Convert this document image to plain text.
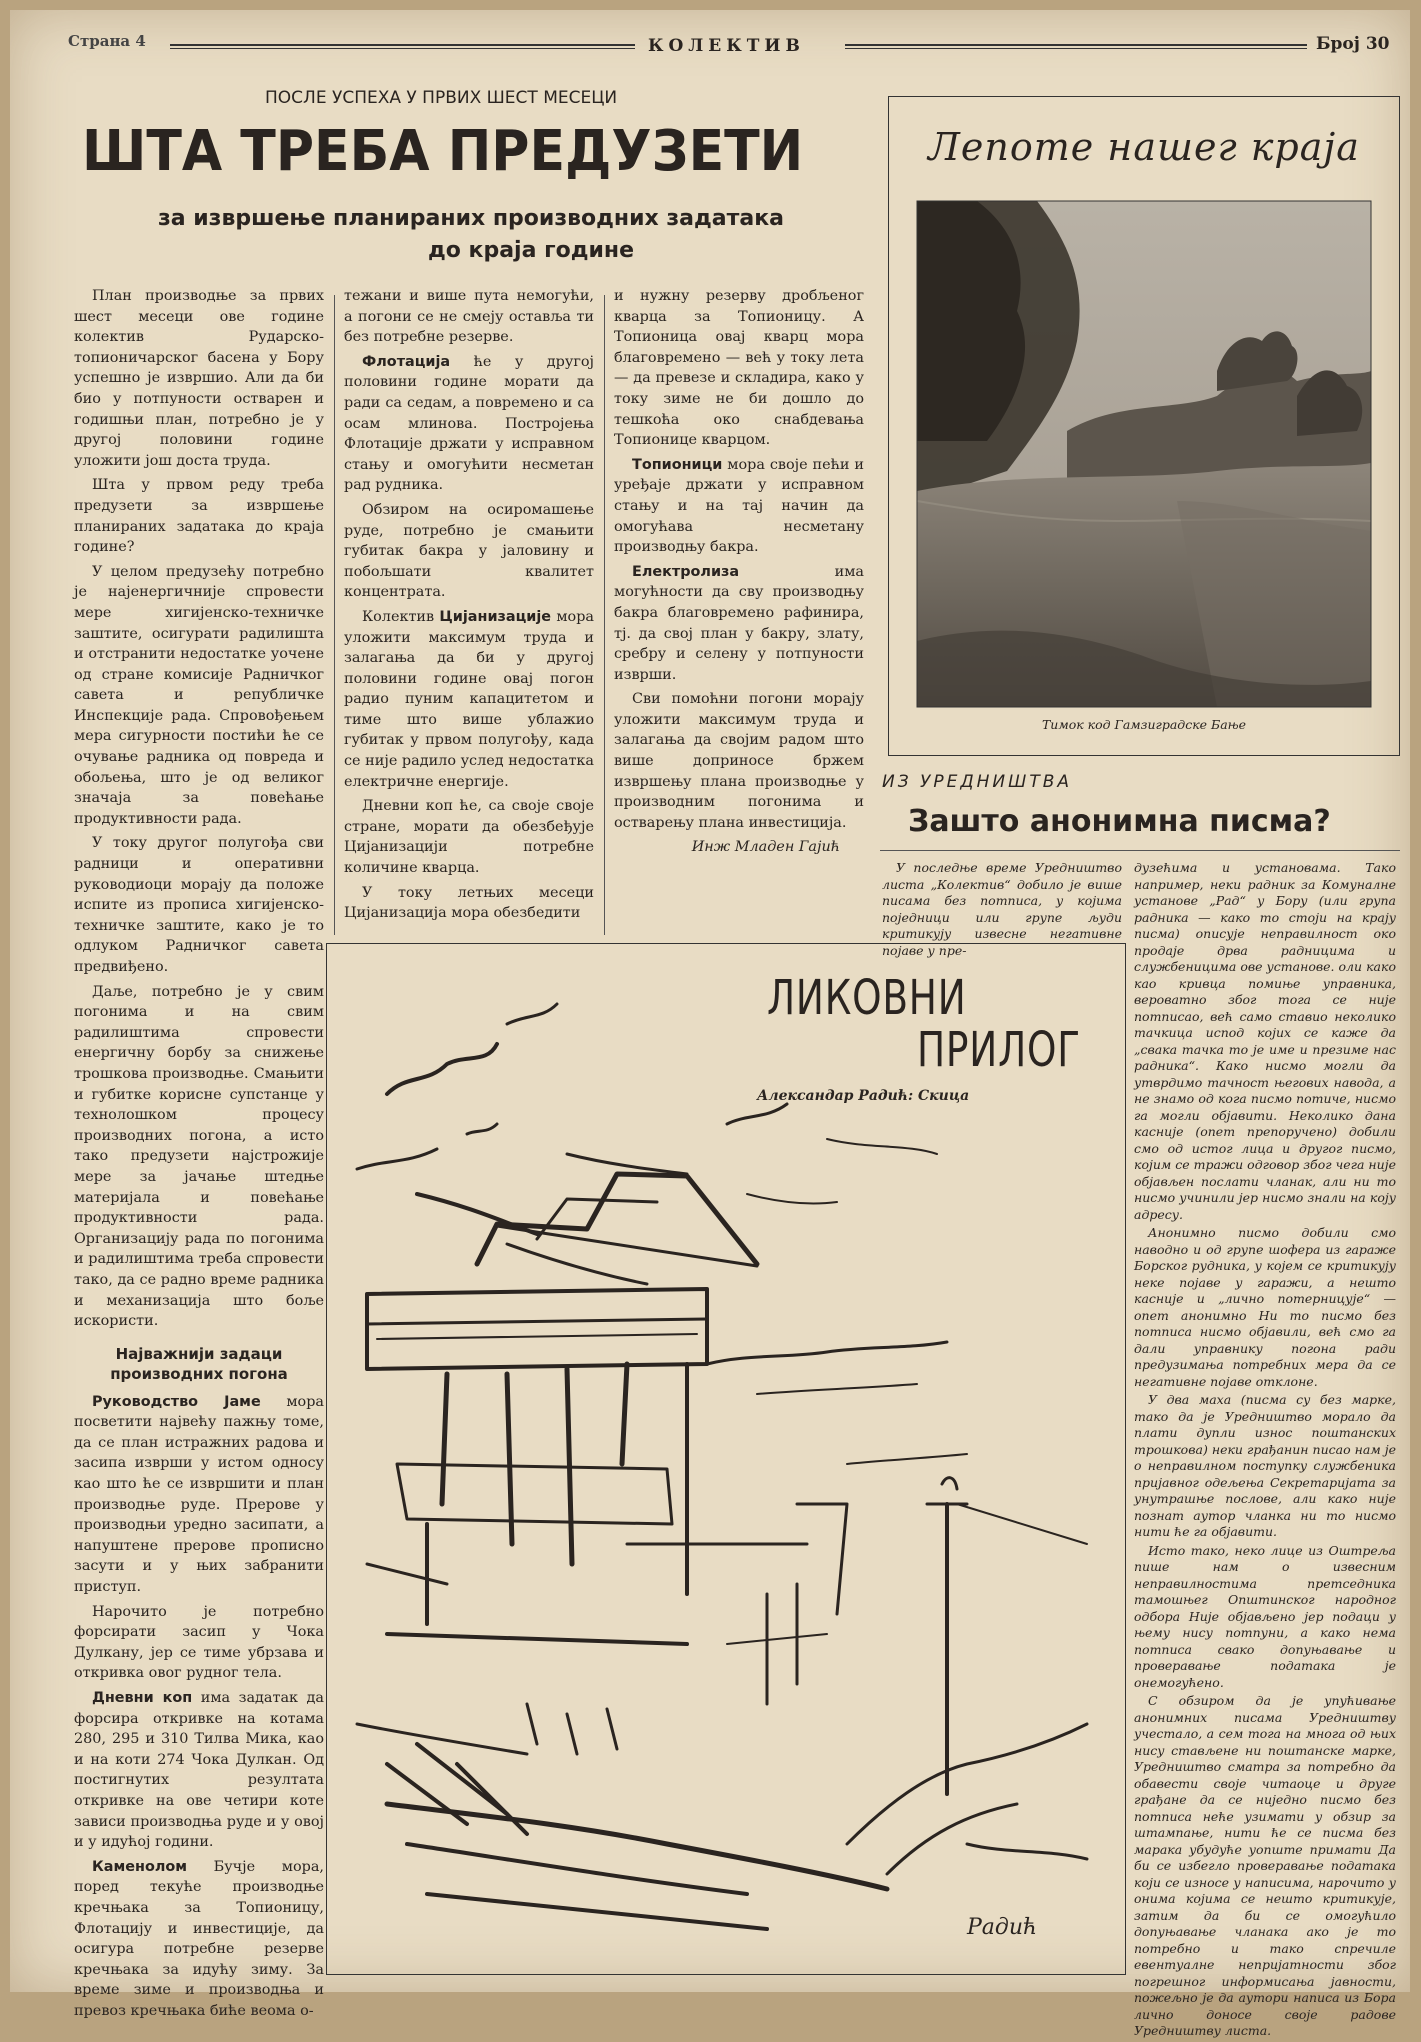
Страна 4	КОЛЕКТИВ	Број 30
ПОСЛЕ УСПЕХА У ПРВИХ ШЕСТ МЕСЕЦИ
ШТА ТРЕБА ПРЕДУЗЕТИ
за извршење планираних производних задатака
до краја године

План производње за првих шест месеци ове године колектив Рударско-топионичарског басена у Бору успешно је извршио. Али да би био у потпуности остварен и годишњи план, потребно је у другој половини године уложити још доста труда.

Шта у првом реду треба предузети за извршење планираних задатака до краја године?

У целом предузећу потребно је најенергичније спровести мере хигијенско-техничке заштите, осигурати радилишта и отстранити недостатке уочене од стране комисије Радничког савета и републичке Инспекције рада. Спровођењем мера сигурности постићи ће се очување радника од повреда и обољења, што је од великог значаја за повећање продуктивности рада.

У току другог полугођа сви радници и оперативни руководиоци морају да положе испите из прописа хигијенско-техничке заштите, како је то одлуком Радничког савета предвиђено.

Даље, потребно је у свим погонима и на свим радилиштима спровести енергичну борбу за снижење трошкова производње. Смањити и губитке корисне супстанце у технолошком процесу производних погона, а исто тако предузети најстрожије мере за јачање штедње материјала и повећање продуктивности рада. Организацију рада по погонима и радилиштима треба спровести тако, да се радно време радника и механизација што боље искористи.

Најважнији задаци производних погона

Руководство Јаме мора посветити највећу пажњу томе, да се план истражних радова и засипа изврши у истом односу као што ће се извршити и план производње руде. Прерове у производњи уредно засипати, а напуштене прерове прописно засути и у њих забранити приступ.

Нарочито је потребно форсирати засип у Чока Дулкану, јер се тиме убрзава и откривка овог рудног тела.

Дневни коп има задатак да форсира откривке на котама 280, 295 и 310 Тилва Мика, као и на коти 274 Чока Дулкан. Од постигнутих резултата откривке на ове четири коте зависи производња руде и у овој и у идућој години.

Каменолом Бучје мора, поред текуће производње кречњака за Топионицу, Флотацију и инвестиције, да осигура потребне резерве кречњака за идућу зиму. За време зиме и производња и превоз кречњака биће веома о-

тежани и више пута немогући, а погони се не смеју оставља ти без потребне резерве.

Флотација ће у другој половини године морати да ради са седам, а повремено и са осам млинова. Постројења Флотације држати у исправном стању и омогућити несметан рад рудника.

Обзиром на осиромашење руде, потребно је смањити губитак бакра у јаловину и побољшати квалитет концентрата.

Колектив Цијанизације мора уложити максимум труда и залагања да би у другој половини године овај погон радио пуним капацитетом и тиме што више ублажио губитак у првом полугођу, када се није радило услед недостатка електричне енергије.

Дневни коп ће, са своје своје стране, морати да обезбеђује Цијанизацији потребне количине кварца.

У току летњих месеци Цијанизација мора обезбедити

и нужну резерву дробљеног кварца за Топионицу. А Топионица овај кварц мора благовремено — већ у току лета — да превезе и складира, како у току зиме не би дошло до тешкоћа око снабдевања Топионице кварцом.

Топионици мора своје пећи и уређаје држати у исправном стању и на тај начин да омогућава несметану производњу бакра.

Електролиза има могућности да сву производњу бакра благовремено рафинира, тј. да свој план у бакру, злату, сребру и селену у потпуности изврши.

Сви помоћни погони морају уложити максимум труда и залагања да својим радом што више доприносе бржем извршењу плана производње у производним погонима и остварењу плана инвестиција.

Инж Младен Гајић
Лепоте нашег краја
Тимок код Гамзиградске Бање
ИЗ УРЕДНИШТВА
Зашто анонимна писма?

У последње време Уредништво листа „Колектив“ добило је више писама без потписа, у којима поједници или групе људи критикују извесне негативне појаве у пре-

дузећима и установама. Тако например, неки радник за Комуналне установе „Рад“ у Бору (или група радника — како то стоји на крају писма) описује неправилност око продаје дрва радницима и службеницима ове установе. оли како као кривца помиње управника, вероватно због тога се није потписао, већ само ставио неколико тачкица испод којих се каже да „свака тачка то је име и презиме нас радника“. Како нисмо могли да утврдимо тачност његових навода, а не знамо од кога писмо потиче, нисмо га могли објавити. Неколико дана касније (опет препоручено) добили смо од истог лица и другог писмо, којим се тражи одговор због чега није објављен послати чланак, али ни то нисмо учинили јер нисмо знали на коју адресу.

Анонимно писмо добили смо наводно и од групе шофера из гараже Борског рудника, у којем се критикују неке појаве у гаражи, а нешто касније и „лично потерницује“ — опет анонимно Ни то писмо без потписа нисмо објавили, већ смо га дали управнику погона ради предузимања потребних мера да се негативне појаве отклоне.

У два маха (писма су без марке, тако да је Уредништво морало да плати дупли износ поштанских трошкова) неки грађанин писао нам је о неправилном поступку службеника пријавног одељења Секретаријата за унутрашње послове, али како није познат аутор чланка ни то нисмо нити ће га објавити.

Исто тако, неко лице из Оштреља пише нам о извесним неправилностима претседника тамошњег Општинског народног одбора Није објављено јер подаци у њему нису потпуни, а како нема потписа свако допуњавање и проверавање података је онемогућено.

С обзиром да је упућивање анонимних писама Уредништву учестало, а сем тога на многа од њих нису стављене ни поштанске марке, Уредништво сматра за потребно да обавести своје читаоце и друге грађане да се ниједно писмо без потписа неће узимати у обзир за штампање, нити ће се писма без марака убудуће уопште примати Да би се избегло проверавање података који се износе у написима, нарочито у онима којима се нешто критикује, затим да би се омогућило допуњавање чланака ако је то потребно и тако спречиле евентуалне непријатности због погрешног информисања јавности, пожељно је да аутори написа из Бора лично доносе своје радове Уредништву листа.

ЛИКОВНИ
ПРИЛОГ
Александар Радић: Скица
Радић
